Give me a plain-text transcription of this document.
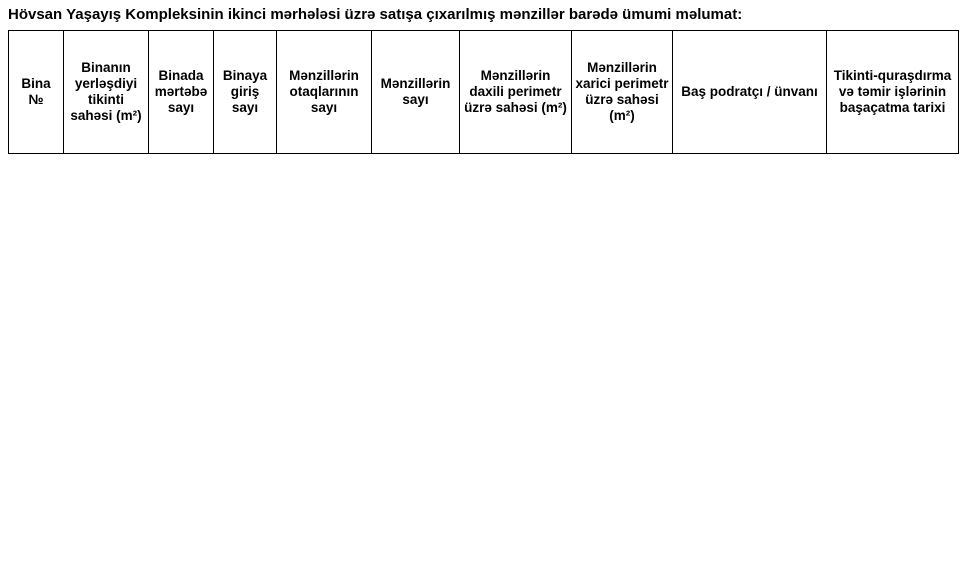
Hövsan Yaşayış Kompleksinin ikinci mərhələsi üzrə satışa çıxarılmış mənzillər barədə ümumi məlumat:
Bina №	Binanın yerləşdiyi tikinti sahəsi (m²)	Binada mərtəbə sayı	Binaya giriş sayı	Mənzillərin otaqlarının sayı	Mənzillərin sayı	Mənzillərin daxili perimetr üzrə sahəsi (m²)	Mənzillərin xarici perimetr üzrə sahəsi (m²)	Baş podratçı / ünvanı	Tikinti-quraşdırma və təmir işlərinin başaçatma tarixi
